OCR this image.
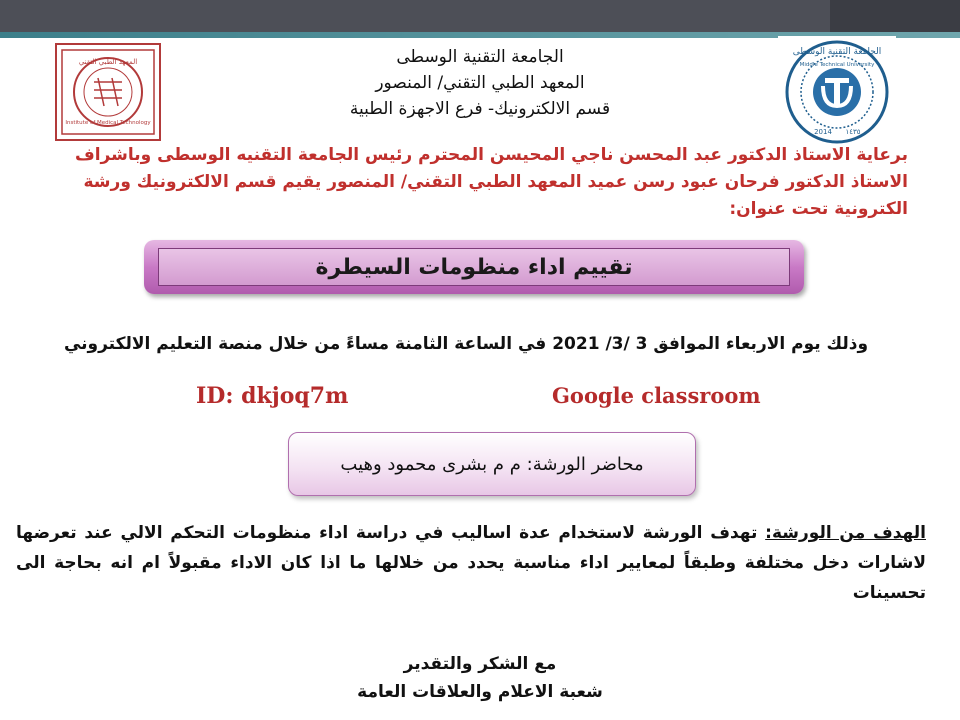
المعهد الطبي التقني
Institute of Medical Technology
الجامعة التقنية الوسطى
Middle Technical University
2014 ١٤٣٥
الجامعة التقنية الوسطى
المعهد الطبي التقني/ المنصور
قسم الالكترونيك- فرع الاجهزة الطبية
برعاية الاستاذ الدكتور عبد المحسن ناجي المحيسن المحترم رئيس الجامعة التقنيه الوسطى وباشراف الاستاذ الدكتور فرحان عبود رسن عميد المعهد الطبي التقني/ المنصور يقيم قسم الالكترونيك ورشة الكترونية تحت عنوان:
تقييم اداء منظومات السيطرة
وذلك يوم الاربعاء الموافق 3 /3/ 2021 في الساعة الثامنة مساءً من خلال منصة التعليم الالكتروني
ID: dkjoq7m	Google classroom
محاضر الورشة: م م بشرى محمود وهيب
الهدف من الورشة: تهدف الورشة لاستخدام عدة اساليب في دراسة اداء منظومات التحكم الالي عند تعرضها لاشارات دخل مختلفة وطبقاً لمعايير اداء مناسبة يحدد من خلالها ما اذا كان الاداء مقبولاً ام انه بحاجة الى تحسينات
مع الشكر والتقدير
شعبة الاعلام والعلاقات العامة
